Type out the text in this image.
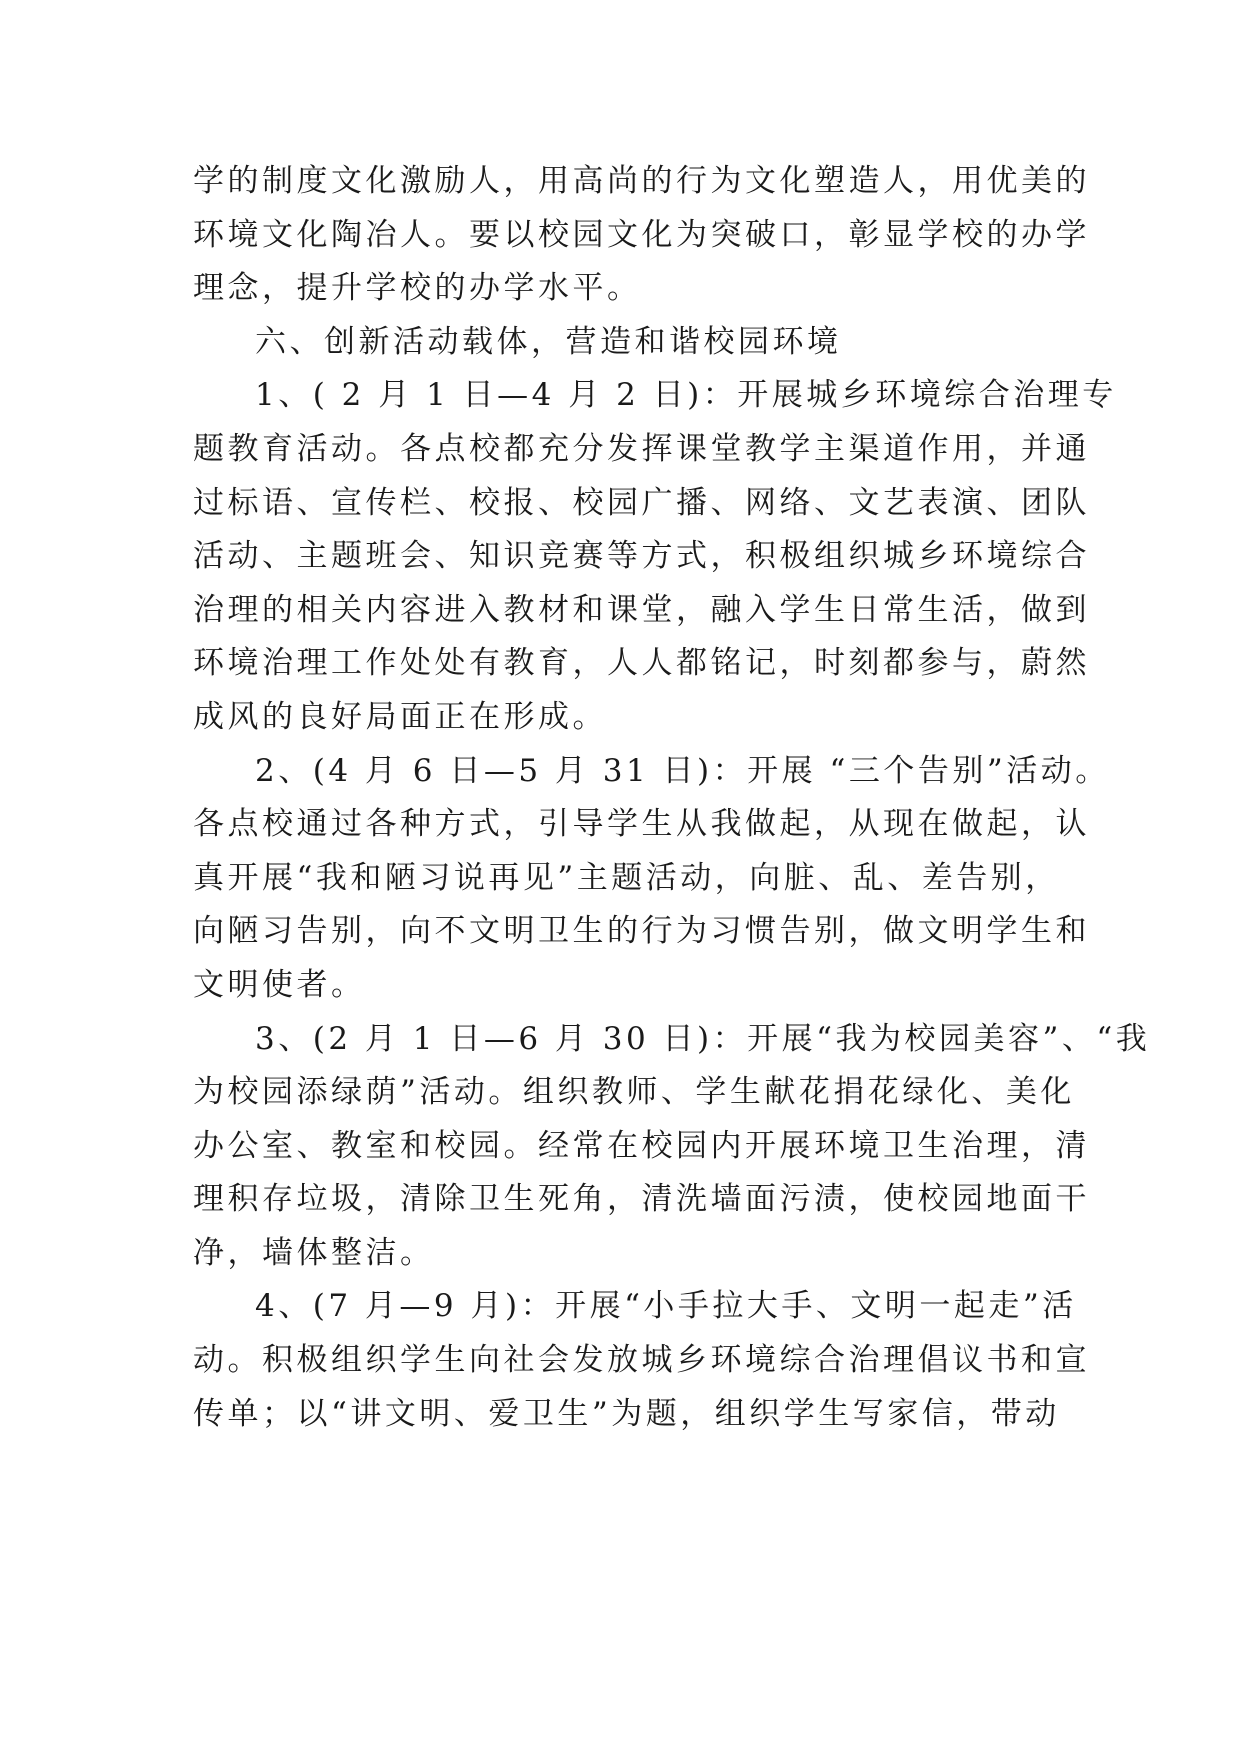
学的制度文化激励人，用高尚的行为文化塑造人，用优美的
环境文化陶冶人。要以校园文化为突破口，彰显学校的办学
理念，提升学校的办学水平。

六、创新活动载体，营造和谐校园环境

1、( 2 月 1 日—4 月 2 日)：开展城乡环境综合治理专
题教育活动。各点校都充分发挥课堂教学主渠道作用，并通
过标语、宣传栏、校报、校园广播、网络、文艺表演、团队
活动、主题班会、知识竞赛等方式，积极组织城乡环境综合
治理的相关内容进入教材和课堂，融入学生日常生活，做到
环境治理工作处处有教育，人人都铭记，时刻都参与，蔚然
成风的良好局面正在形成。

2、(4 月 6 日—5 月 31 日)：开展 “三个告别”活动。
各点校通过各种方式，引导学生从我做起，从现在做起，认
真开展“我和陋习说再见”主题活动，向脏、乱、差告别，
向陋习告别，向不文明卫生的行为习惯告别，做文明学生和
文明使者。

3、(2 月 1 日—6 月 30 日)：开展“我为校园美容”、“我
为校园添绿荫”活动。组织教师、学生献花捐花绿化、美化
办公室、教室和校园。经常在校园内开展环境卫生治理，清
理积存垃圾，清除卫生死角，清洗墙面污渍，使校园地面干
净，墙体整洁。

4、(7 月—9 月)：开展“小手拉大手、文明一起走”活
动。积极组织学生向社会发放城乡环境综合治理倡议书和宣
传单；以“讲文明、爱卫生”为题，组织学生写家信，带动
